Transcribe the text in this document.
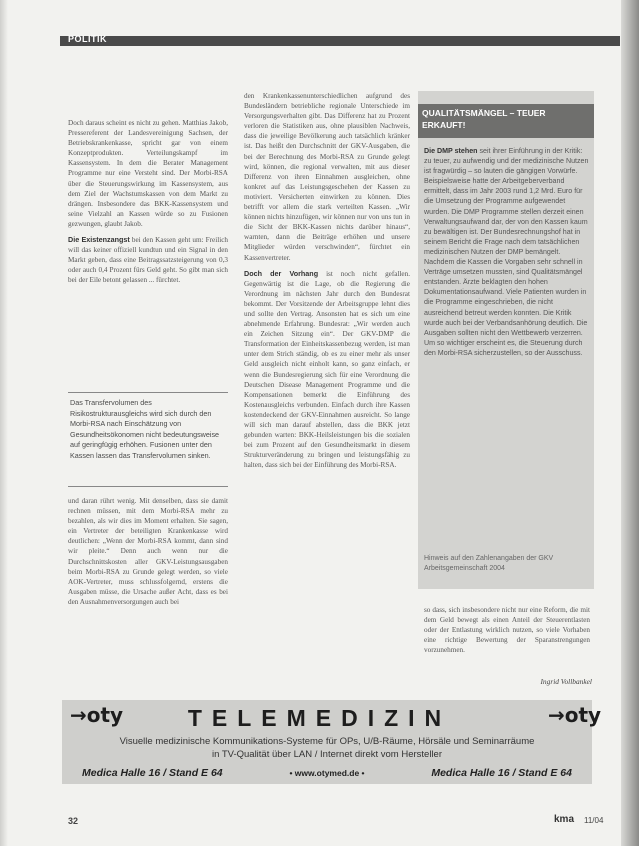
POLITIK

Doch daraus scheint es nicht zu gehen. Matthias Jakob, Pressereferent der Landesvereinigung Sachsen, der Betriebskrankenkasse, spricht gar von einem Konzeptprodukten. Verteilungskampf im Kassensystem. In dem die Berater Management Programme nur eine Versteht sind. Der Morbi-RSA über die Steuerungswirkung im Kassensystem, aus dem Ziel der Wachstumskassen von dem Markt zu drängen. Insbesondere das BKK-Kassensystem und seine Vielzahl an Kassen würde so zu Fusionen gezwungen, glaubt Jakob.

Die Existenzangst bei den Kassen geht um: Freilich will das keiner offiziell kundtun und ein Signal in den Markt geben, dass eine Beitragssatzsteigerung von 0,3 oder auch 0,4 Prozent fürs Geld geht. So gibt man sich bei der Eile betont gelassen ... fürchtet.

Das Transfervolumen des Risikostrukturausgleichs wird sich durch den Morbi-RSA nach Einschätzung von Gesundheitsökonomen nicht bedeutungsweise auf geringfügig erhöhen. Fusionen unter den Kassen lassen das Transfervolumen sinken.

und daran rührt wenig. Mit denselben, dass sie damit rechnen müssen, mit dem Morbi-RSA mehr zu bezahlen, als wir dies im Moment erhalten. Sie sagen, ein Vertreter der beteiligten Krankenkasse wird deutlichen: „Wenn der Morbi-RSA kommt, dann sind wir pleite.“ Denn auch wenn nur die Durchschnittskosten aller GKV-Leistungsausgaben beim Morbi-RSA zu Grunde gelegt werden, so viele AOK-Vertreter, muss schlussfolgernd, erstens die Ausgaben müsse, die Ursache außer Acht, dass es bei den Ausnahmenversorgungen auch bei

den Krankenkassenunterschiedlichen aufgrund des Bundesländern betriebliche regionale Unterschiede im Versorgungsverhalten gibt. Das Differenz hat zu Prozent verloren die Statistiken aus, ohne plausiblen Nachweis, dass die jeweilige Bevölkerung auch tatsächlich kränker ist. Das heißt den Durchschnitt der GKV-Ausgaben, die bei der Berechnung des Morbi-RSA zu Grunde gelegt wird, können, die regional verwalten, mit aus dieser Differenz von ihren Einnahmen ausgleichen, ohne konkret auf das Leistungsgeschehen der Kassen zu motiviert. Versicherten einwirken zu können. Dies betrifft vor allem die stark verteilten Kassen. „Wir können nichts hinzufügen, wir können nur von uns tun in die Sicht der BKK-Kassen nichts darüber hinaus“, warnten, dann die Beiträge erhöhen und unsere Mitglieder würden verschwinden“, fürchtet ein Kassenvertreter.

Doch der Vorhang ist noch nicht gefallen. Gegenwärtig ist die Lage, ob die Regierung die Verordnung im nächsten Jahr durch den Bundesrat bekommt. Der Vorsitzende der Arbeitsgruppe lehnt dies und sollte den Vertrag. Ansonsten hat es sich um eine abnehmende Erfahrung. Bundesrat: „Wir werden auch ein Zeichen Sitzung ein“. Der GKV-DMP die Transformation der Einheitskassenbezug werden, ist man unter dem Strich ständig, ob es zu einer mehr als unser Geld ausgleich nicht einholt kann, so ganz einfach, er wenn die Bundesregierung sich für eine Verordnung die Deutschen Disease Management Programme und die Kompensationen bemerkt die Einführung des Kostenausgleichs verbunden. Einfach durch ihre Kassen kostendeckend der GKV-Einnahmen ausreicht. So lange will sich man darauf abstellen, dass die BKK jetzt gebunden warten: BKK-Heilsleistungen bis die sozialen bei zum Prozent auf den Gesundheitsmarkt in diesem Strukturveränderung zu bringen und leistungsfähig zu halten, dass sich bei der Einführung des Morbi-RSA.

QUALITÄTSMÄNGEL – TEUER ERKAUFT!
Die DMP stehen seit ihrer Einführung in der Kritik: zu teuer, zu aufwendig und der medizinische Nutzen ist fragwürdig – so lauten die gängigen Vorwürfe. Beispielsweise hatte der Arbeitgeberverband ermittelt, dass im Jahr 2003 rund 1,2 Mrd. Euro für die Umsetzung der Programme aufgewendet wurden. Die DMP Programme stellen derzeit einen Verwaltungsaufwand dar, der von den Kassen kaum zu bewältigen ist. Der Bundesrechnungshof hat in seinem Bericht die Frage nach dem tatsächlichen medizinischen Nutzen der DMP bemängelt. Nachdem die Kassen die Vorgaben sehr schnell in Verträge umsetzen mussten, sind Qualitätsmängel entstanden. Ärzte beklagten den hohen Dokumentationsaufwand. Viele Patienten wurden in die Programme eingeschrieben, die nicht ausreichend betreut werden konnten. Die Kritik wurde auch bei der Verbandsanhörung deutlich. Die Ausgaben sollten nicht den Wettbewerb verzerren. Um so wichtiger erscheint es, die Steuerung durch den Morbi-RSA sicherzustellen, so der Ausschuss.
Hinweis auf den Zahlenangaben der GKV Arbeitsgemeinschaft 2004
so dass, sich insbesondere nicht nur eine Reform, die mit dem Geld bewegt als einen Anteil der Steuerentlasten oder der Entlastung wirklich nutzen, so viele Vorhaben eine richtige Bewertung der Sparanstrengungen vorzunehmen.
Ingrid Vollbankel
→oty	→oty
TELEMEDIZIN
Visuelle medizinische Kommunikations-Systeme für OPs, U/B-Räume, Hörsäle und Seminarräume
in TV-Qualität über LAN / Internet direkt vom Hersteller
Medica Halle 16 / Stand E 64	• www.otymed.de •	Medica Halle 16 / Stand E 64
32	kma 11/04
